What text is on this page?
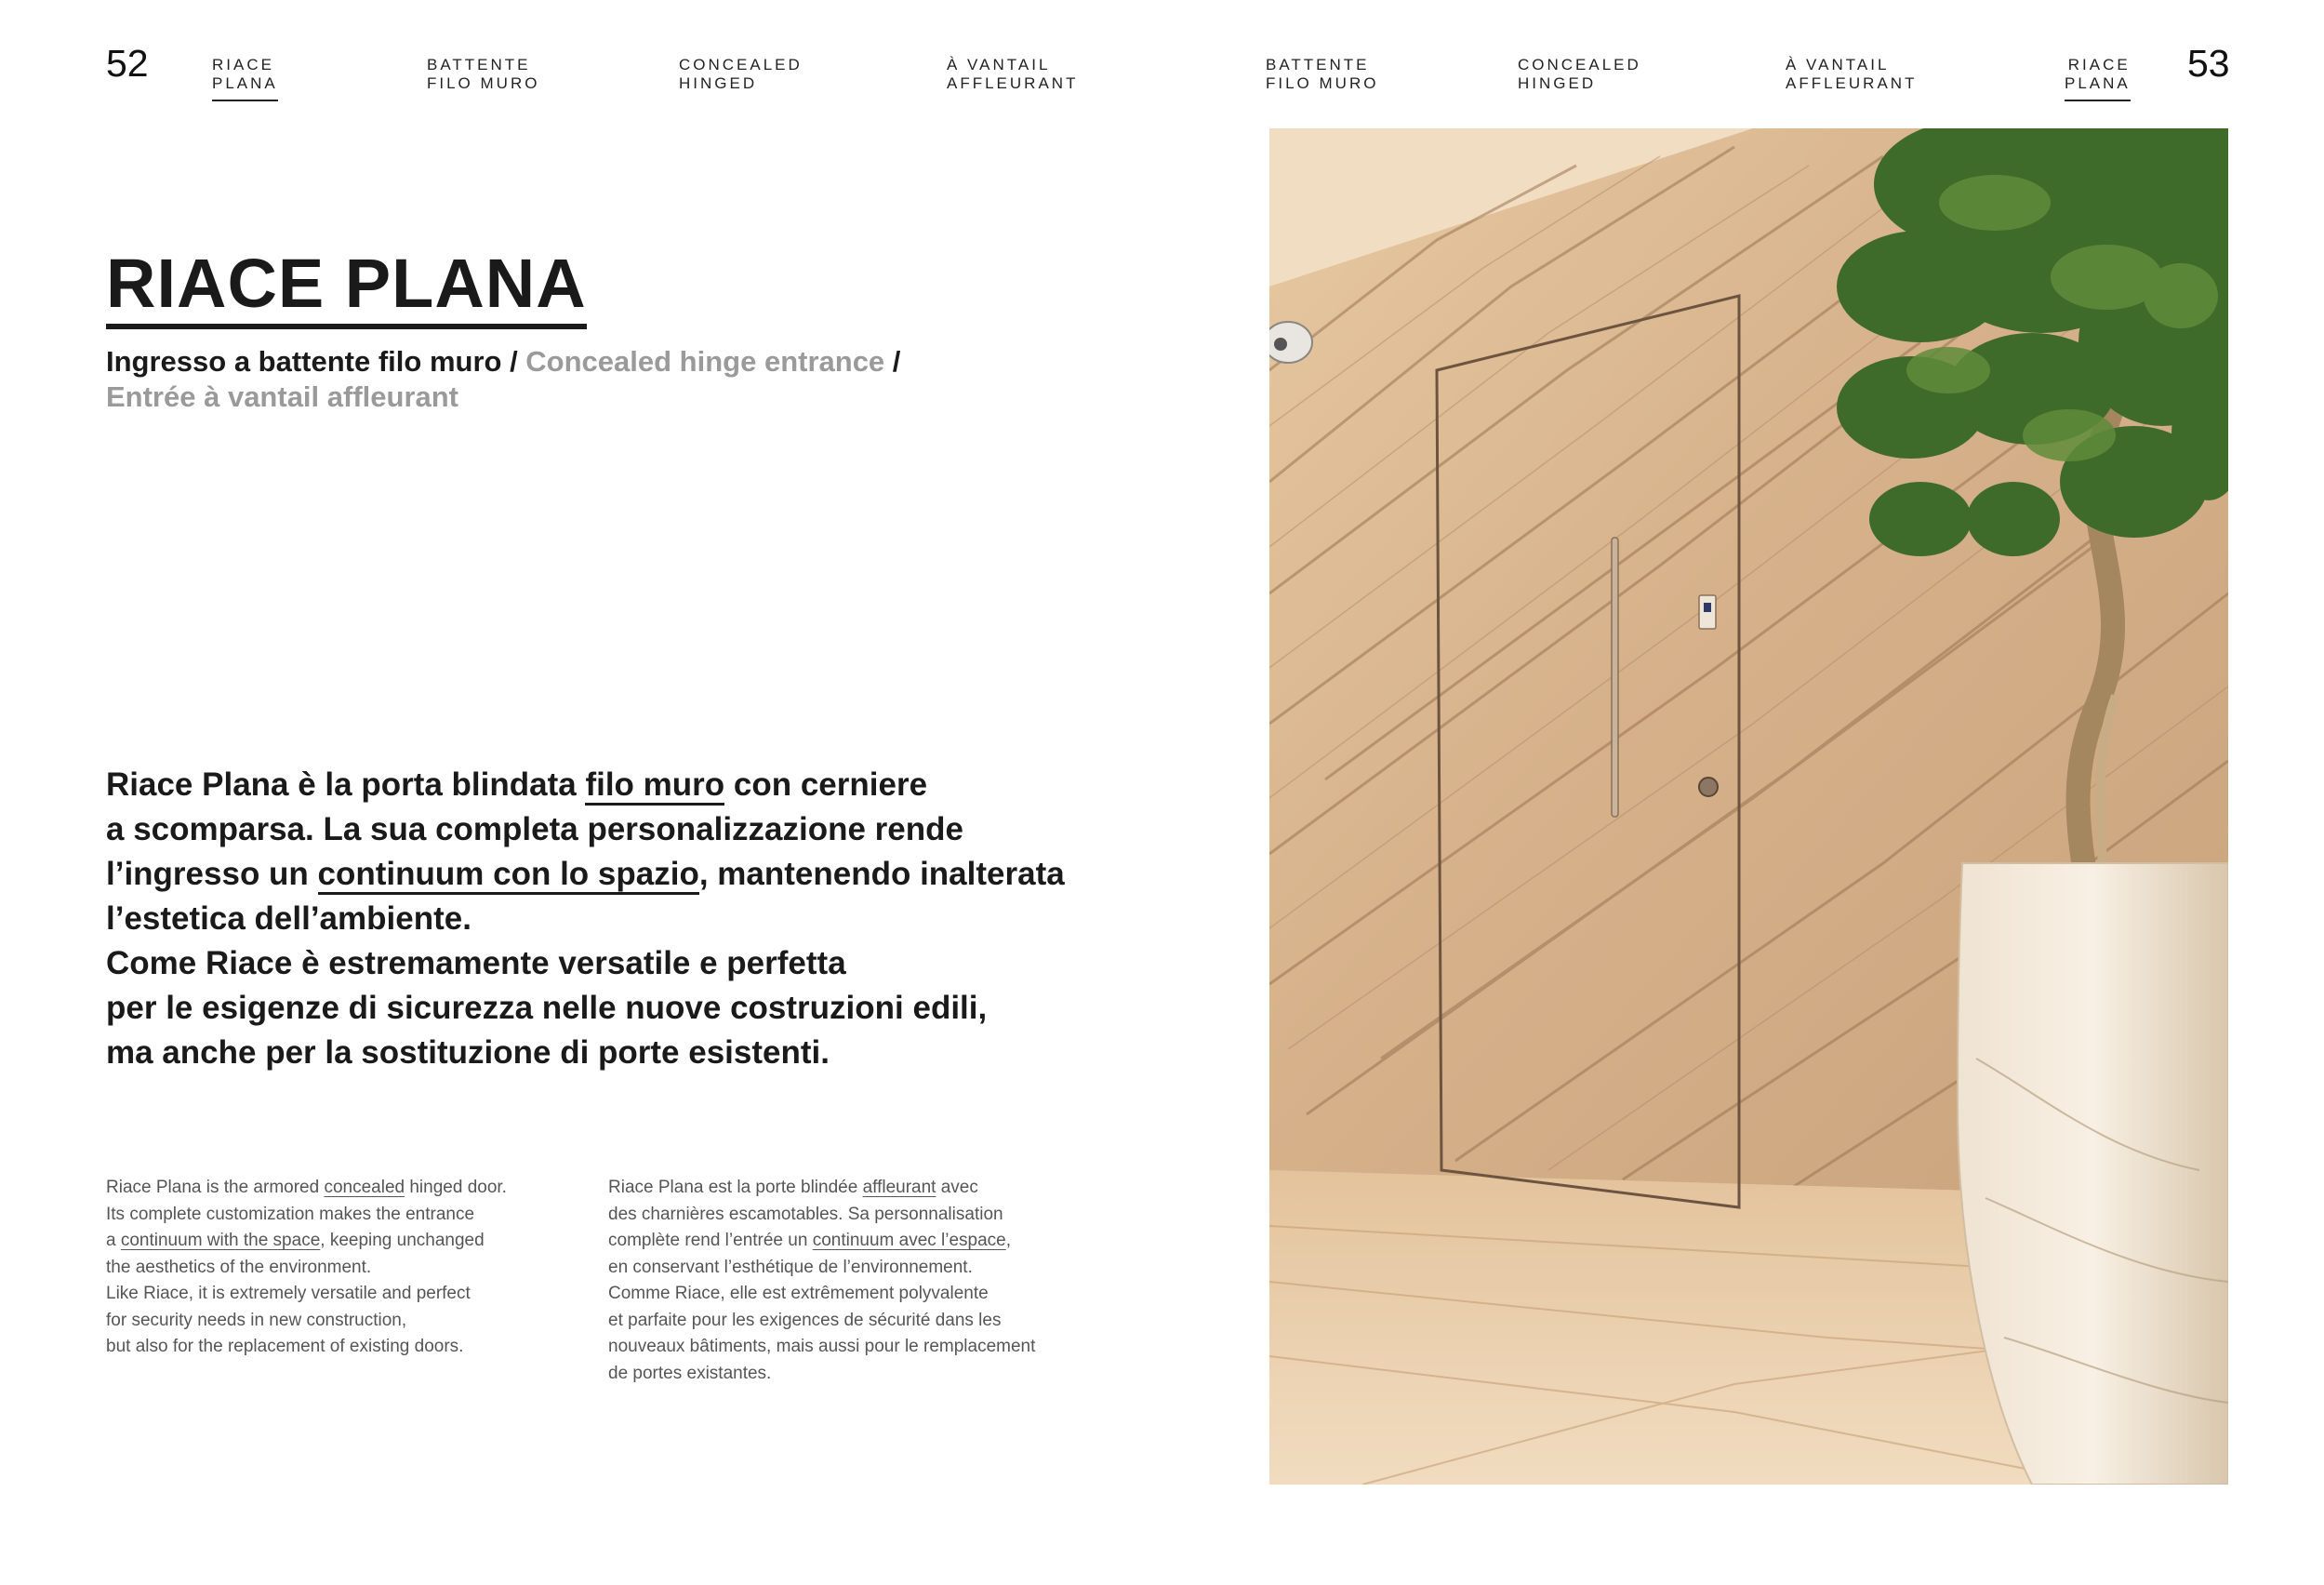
52	53
RIACE
PLANA
BATTENTE
FILO MURO
CONCEALED
HINGED
À VANTAIL
AFFLEURANT
BATTENTE
FILO MURO
CONCEALED
HINGED
À VANTAIL
AFFLEURANT
RIACE
PLANA
RIACE PLANA
Ingresso a battente filo muro / Concealed hinge entrance /
Entrée à vantail affleurant
Riace Plana è la porta blindata filo muro con cerniere
a scomparsa. La sua completa personalizzazione rende
l’ingresso un continuum con lo spazio, mantenendo inalterata
l’estetica dell’ambiente.
Come Riace è estremamente versatile e perfetta
per le esigenze di sicurezza nelle nuove costruzioni edili,
ma anche per la sostituzione di porte esistenti.
Riace Plana is the armored concealed hinged door.
Its complete customization makes the entrance
a continuum with the space, keeping unchanged
the aesthetics of the environment.
Like Riace, it is extremely versatile and perfect
for security needs in new construction,
but also for the replacement of existing doors.
Riace Plana est la porte blindée affleurant avec
des charnières escamotables. Sa personnalisation
complète rend l’entrée un continuum avec l’espace,
en conservant l’esthétique de l’environnement.
Comme Riace, elle est extrêmement polyvalente
et parfaite pour les exigences de sécurité dans les
nouveaux bâtiments, mais aussi pour le remplacement
de portes existantes.
